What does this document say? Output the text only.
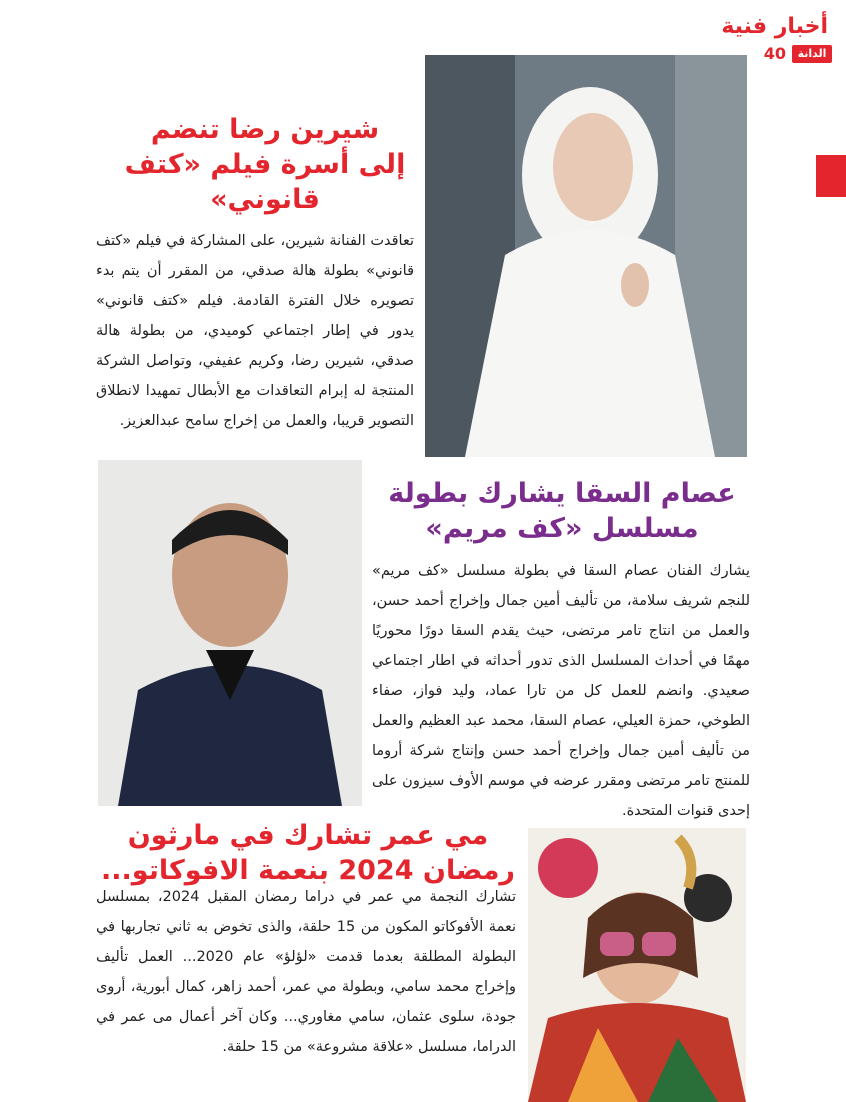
أخبار فنية
40	الدانة
شيرين رضا تنضم
إلى أسرة فيلم «كتف
قانوني»
تعاقدت الفنانة شيرين، على المشاركة في فيلم «كتف قانوني» بطولة هالة صدقي، من المقرر أن يتم بدء تصويره خلال الفترة القادمة. فيلم «كتف قانوني» يدور في إطار اجتماعي كوميدي، من بطولة هالة صدقي، شيرين رضا، وكريم عفيفي، وتواصل الشركة المنتجة له إبرام التعاقدات مع الأبطال تمهيدا لانطلاق التصوير قريبا، والعمل من إخراج سامح عبدالعزيز.
عصام السقا يشارك بطولة
مسلسل «كف مريم»
يشارك الفنان عصام السقا في بطولة مسلسل «كف مريم» للنجم شريف سلامة، من تأليف أمين جمال وإخراج أحمد حسن، والعمل من انتاج تامر مرتضى، حيث يقدم السقا دورًا محوريًا مهمًا في أحداث المسلسل الذى تدور أحداثه في اطار اجتماعي صعيدي. وانضم للعمل كل من تارا عماد، وليد فواز، صفاء الطوخي، حمزة العيلي، عصام السقا، محمد عبد العظيم والعمل من تأليف أمين جمال وإخراج أحمد حسن وإنتاج شركة أروما للمنتج تامر مرتضى ومقرر عرضه في موسم الأوف سيزون على إحدى قنوات المتحدة.
مي عمر تشارك في مارثون
رمضان 2024 بنعمة الافوكاتو...
تشارك النجمة مي عمر في دراما رمضان المقبل 2024، بمسلسل نعمة الأفوكاتو المكون من 15 حلقة، والذى تخوض به ثاني تجاربها في البطولة المطلقة بعدما قدمت «لؤلؤ» عام 2020... العمل تأليف وإخراج محمد سامي، وبطولة مي عمر، أحمد زاهر، كمال أبورية، أروى جودة، سلوى عثمان، سامي مغاوري... وكان آخر أعمال مى عمر في الدراما، مسلسل «علاقة مشروعة» من 15 حلقة.
